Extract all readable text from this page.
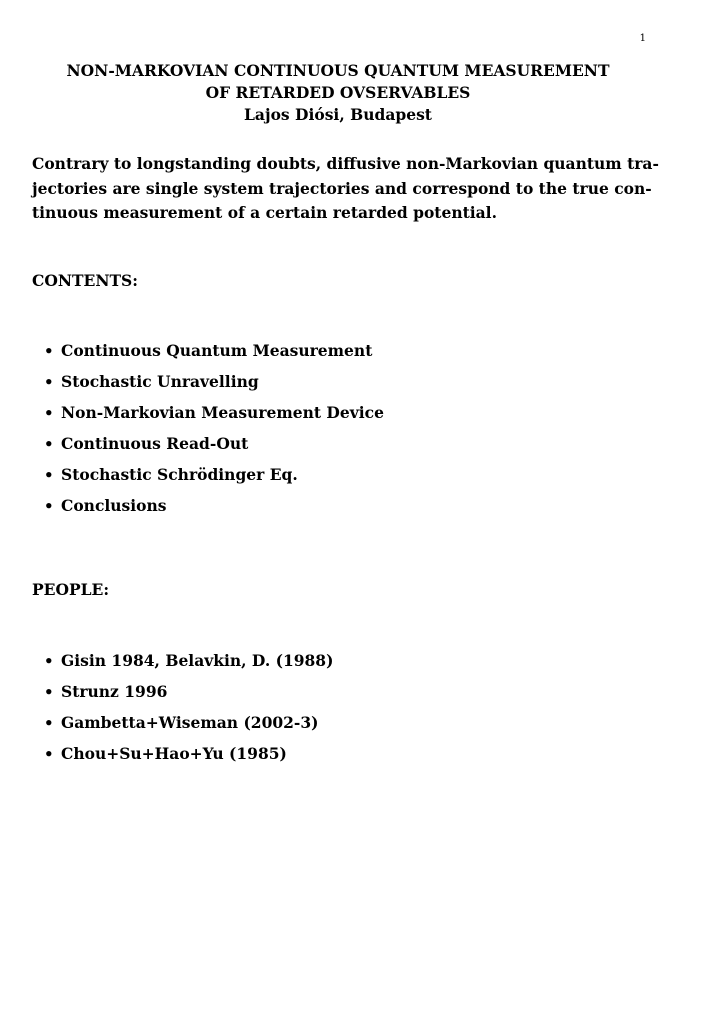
1
NON-MARKOVIAN CONTINUOUS QUANTUM MEASUREMENT
OF RETARDED OVSERVABLES
Lajos Diósi, Budapest
Contrary to longstanding doubts, diffusive non-Markovian quantum tra-
jectories are single system trajectories and correspond to the true con-
tinuous measurement of a certain retarded potential.
CONTENTS:
• Continuous Quantum Measurement
• Stochastic Unravelling
• Non-Markovian Measurement Device
• Continuous Read-Out
• Stochastic Schrödinger Eq.
• Conclusions
PEOPLE:
• Gisin 1984, Belavkin, D. (1988)
• Strunz 1996
• Gambetta+Wiseman (2002-3)
• Chou+Su+Hao+Yu (1985)
